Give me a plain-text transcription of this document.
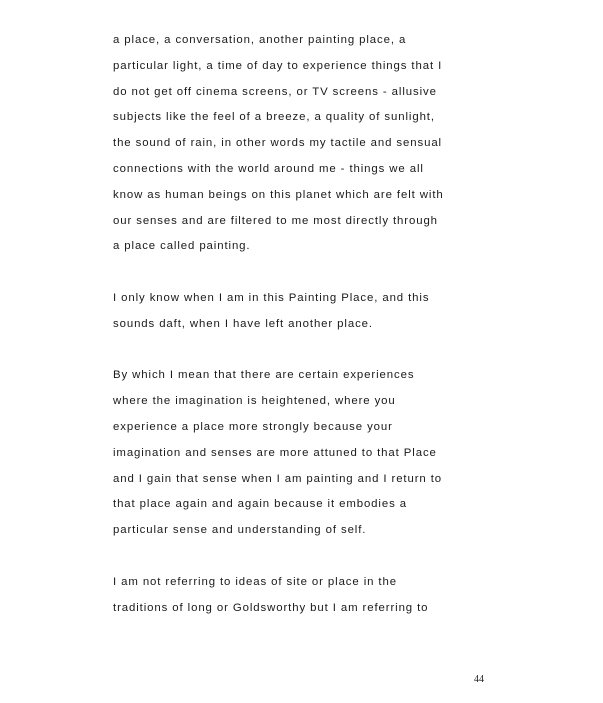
a place, a conversation, another painting place, a
particular light, a time of day to experience things that I
do not get off cinema screens, or TV screens - allusive
subjects like the feel of a breeze, a quality of sunlight,
the sound of rain, in other words my tactile and sensual
connections with the world around me - things we all
know as human beings on this planet which are felt with
our senses and are filtered to me most directly through
a place called painting.

I only know when I am in this Painting Place, and this
sounds daft, when I have left another place.

By which I mean that there are certain experiences
where the imagination is heightened, where you
experience a place more strongly because your
imagination and senses are more attuned to that Place
and I gain that sense when I am painting and I return to
that place again and again because it embodies a
particular sense and understanding of self.

I am not referring to ideas of site or place in the
traditions of long or Goldsworthy but I am referring to

44
